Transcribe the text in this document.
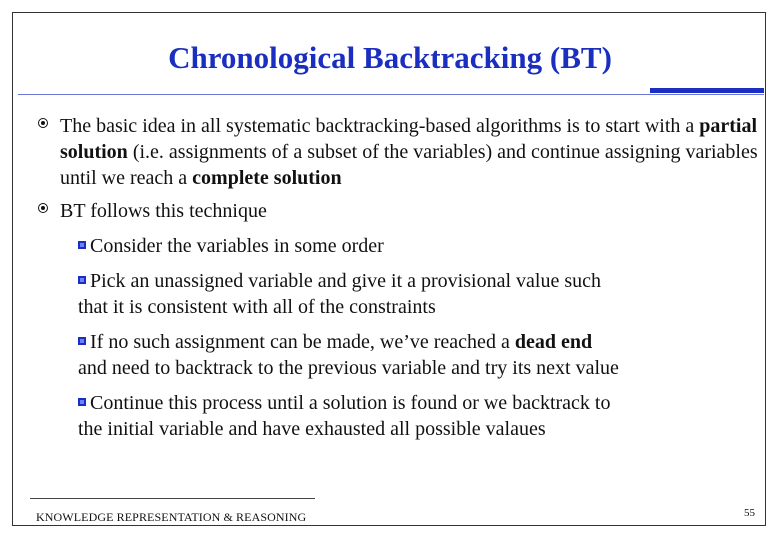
Chronological Backtracking (BT)
The basic idea in all systematic backtracking-based algorithms is to start with a partial solution (i.e. assignments of a subset of the variables) and continue assigning variables until we reach a complete solution
BT follows this technique
Consider the variables in some order
Pick an unassigned variable and give it a provisional value such
that it is consistent with all of the constraints
If no such assignment can be made, we’ve reached a dead end
and need to backtrack to the previous variable and try its next value
Continue this process until a solution is found or we backtrack to
the initial variable and have exhausted all possible valaues
KNOWLEDGE REPRESENTATION & REASONING	55
